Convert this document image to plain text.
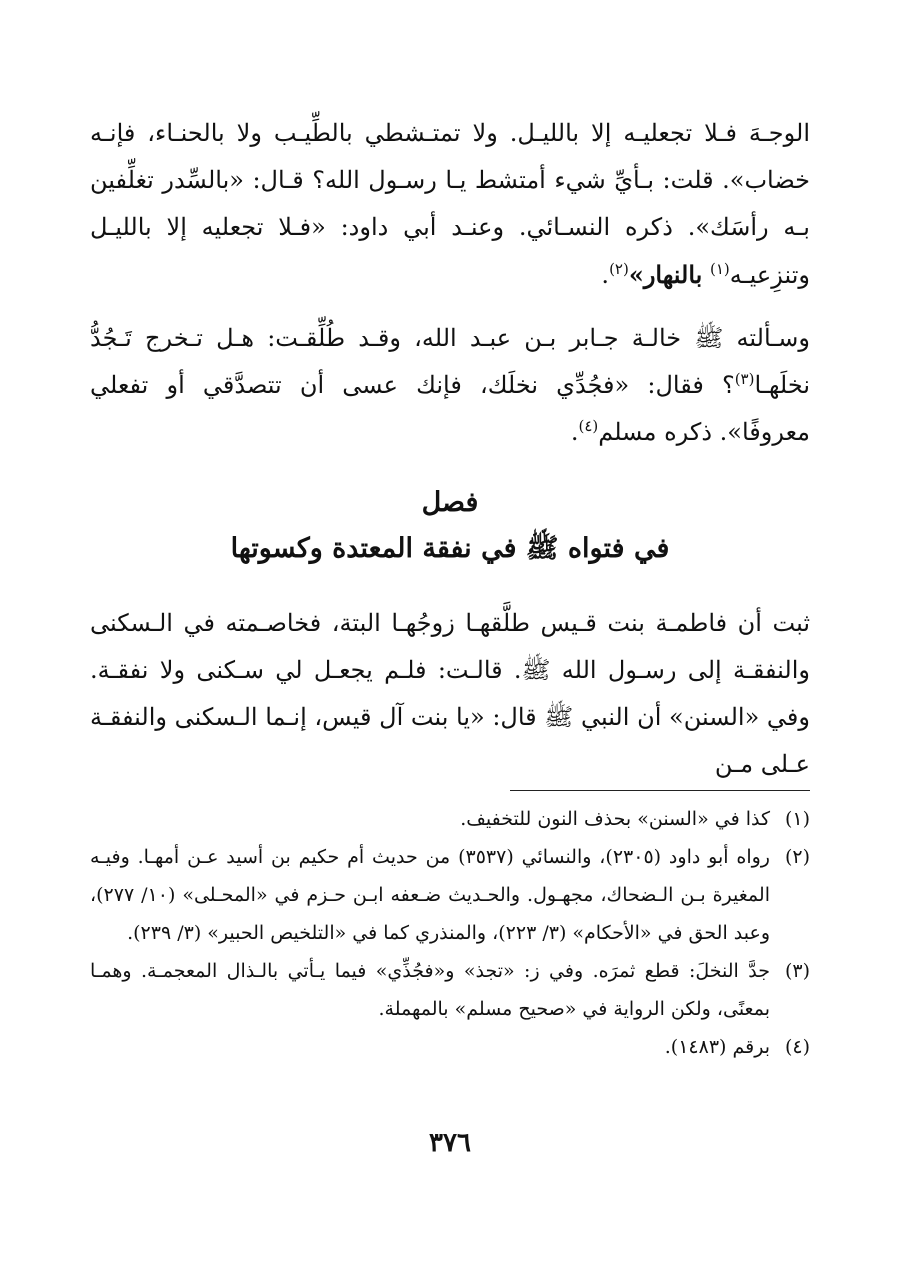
الوجـهَ فـلا تجعليـه إلا بالليـل. ولا تمتـشطي بالطِّيـب ولا بالحنـاء، فإنـه خضاب». قلت: بـأيِّ شيء أمتشط يـا رسـول الله؟ قـال: «بالسِّدر تغلِّفين بـه رأسَك». ذكره النسـائي. وعنـد أبي داود: «فـلا تجعليه إلا بالليـل وتنزِعيـه$^{(١)}$ بالنهار»$^{(٢)}$.

وسـألته ﷺ خالـة جـابر بـن عبـد الله، وقـد طُلِّقـت: هـل تـخرج تَـجُدُّ نخلَهـا$^{(٣)}$؟ فقال: «فجُدِّي نخلَك، فإنك عسى أن تتصدَّقي أو تفعلي معروفًا». ذكره مسلم$^{(٤)}$.

فصل
في فتواه ﷺ في نفقة المعتدة وكسوتها

ثبت أن فاطمـة بنت قـيس طلَّقهـا زوجُهـا البتة، فخاصـمته في الـسكنى والنفقـة إلى رسـول الله ﷺ. قالـت: فلـم يجعـل لي سـكنى ولا نفقـة. وفي «السنن» أن النبي ﷺ قال: «يا بنت آل قيس، إنـما الـسكنى والنفقـة عـلى مـن

(١)
كذا في «السنن» بحذف النون للتخفيف.
(٢)
رواه أبو داود (٢٣٠٥)، والنسائي (٣٥٣٧) من حديث أم حكيم بن أسيد عـن أمهـا. وفيـه المغيرة بـن الـضحاك، مجهـول. والحـديث ضـعفه ابـن حـزم في «المحـلى» (١٠/ ٢٧٧)، وعبد الحق في «الأحكام» (٣/ ٢٢٣)، والمنذري كما في «التلخيص الحبير» (٣/ ٢٣٩).
(٣)
جدَّ النخلَ: قطع ثمرَه. وفي ز: «تجذ» و«فجُذِّي» فيما يـأتي بالـذال المعجمـة. وهمـا بمعنًى، ولكن الرواية في «صحيح مسلم» بالمهملة.
(٤)
برقم (١٤٨٣).
٣٧٦
